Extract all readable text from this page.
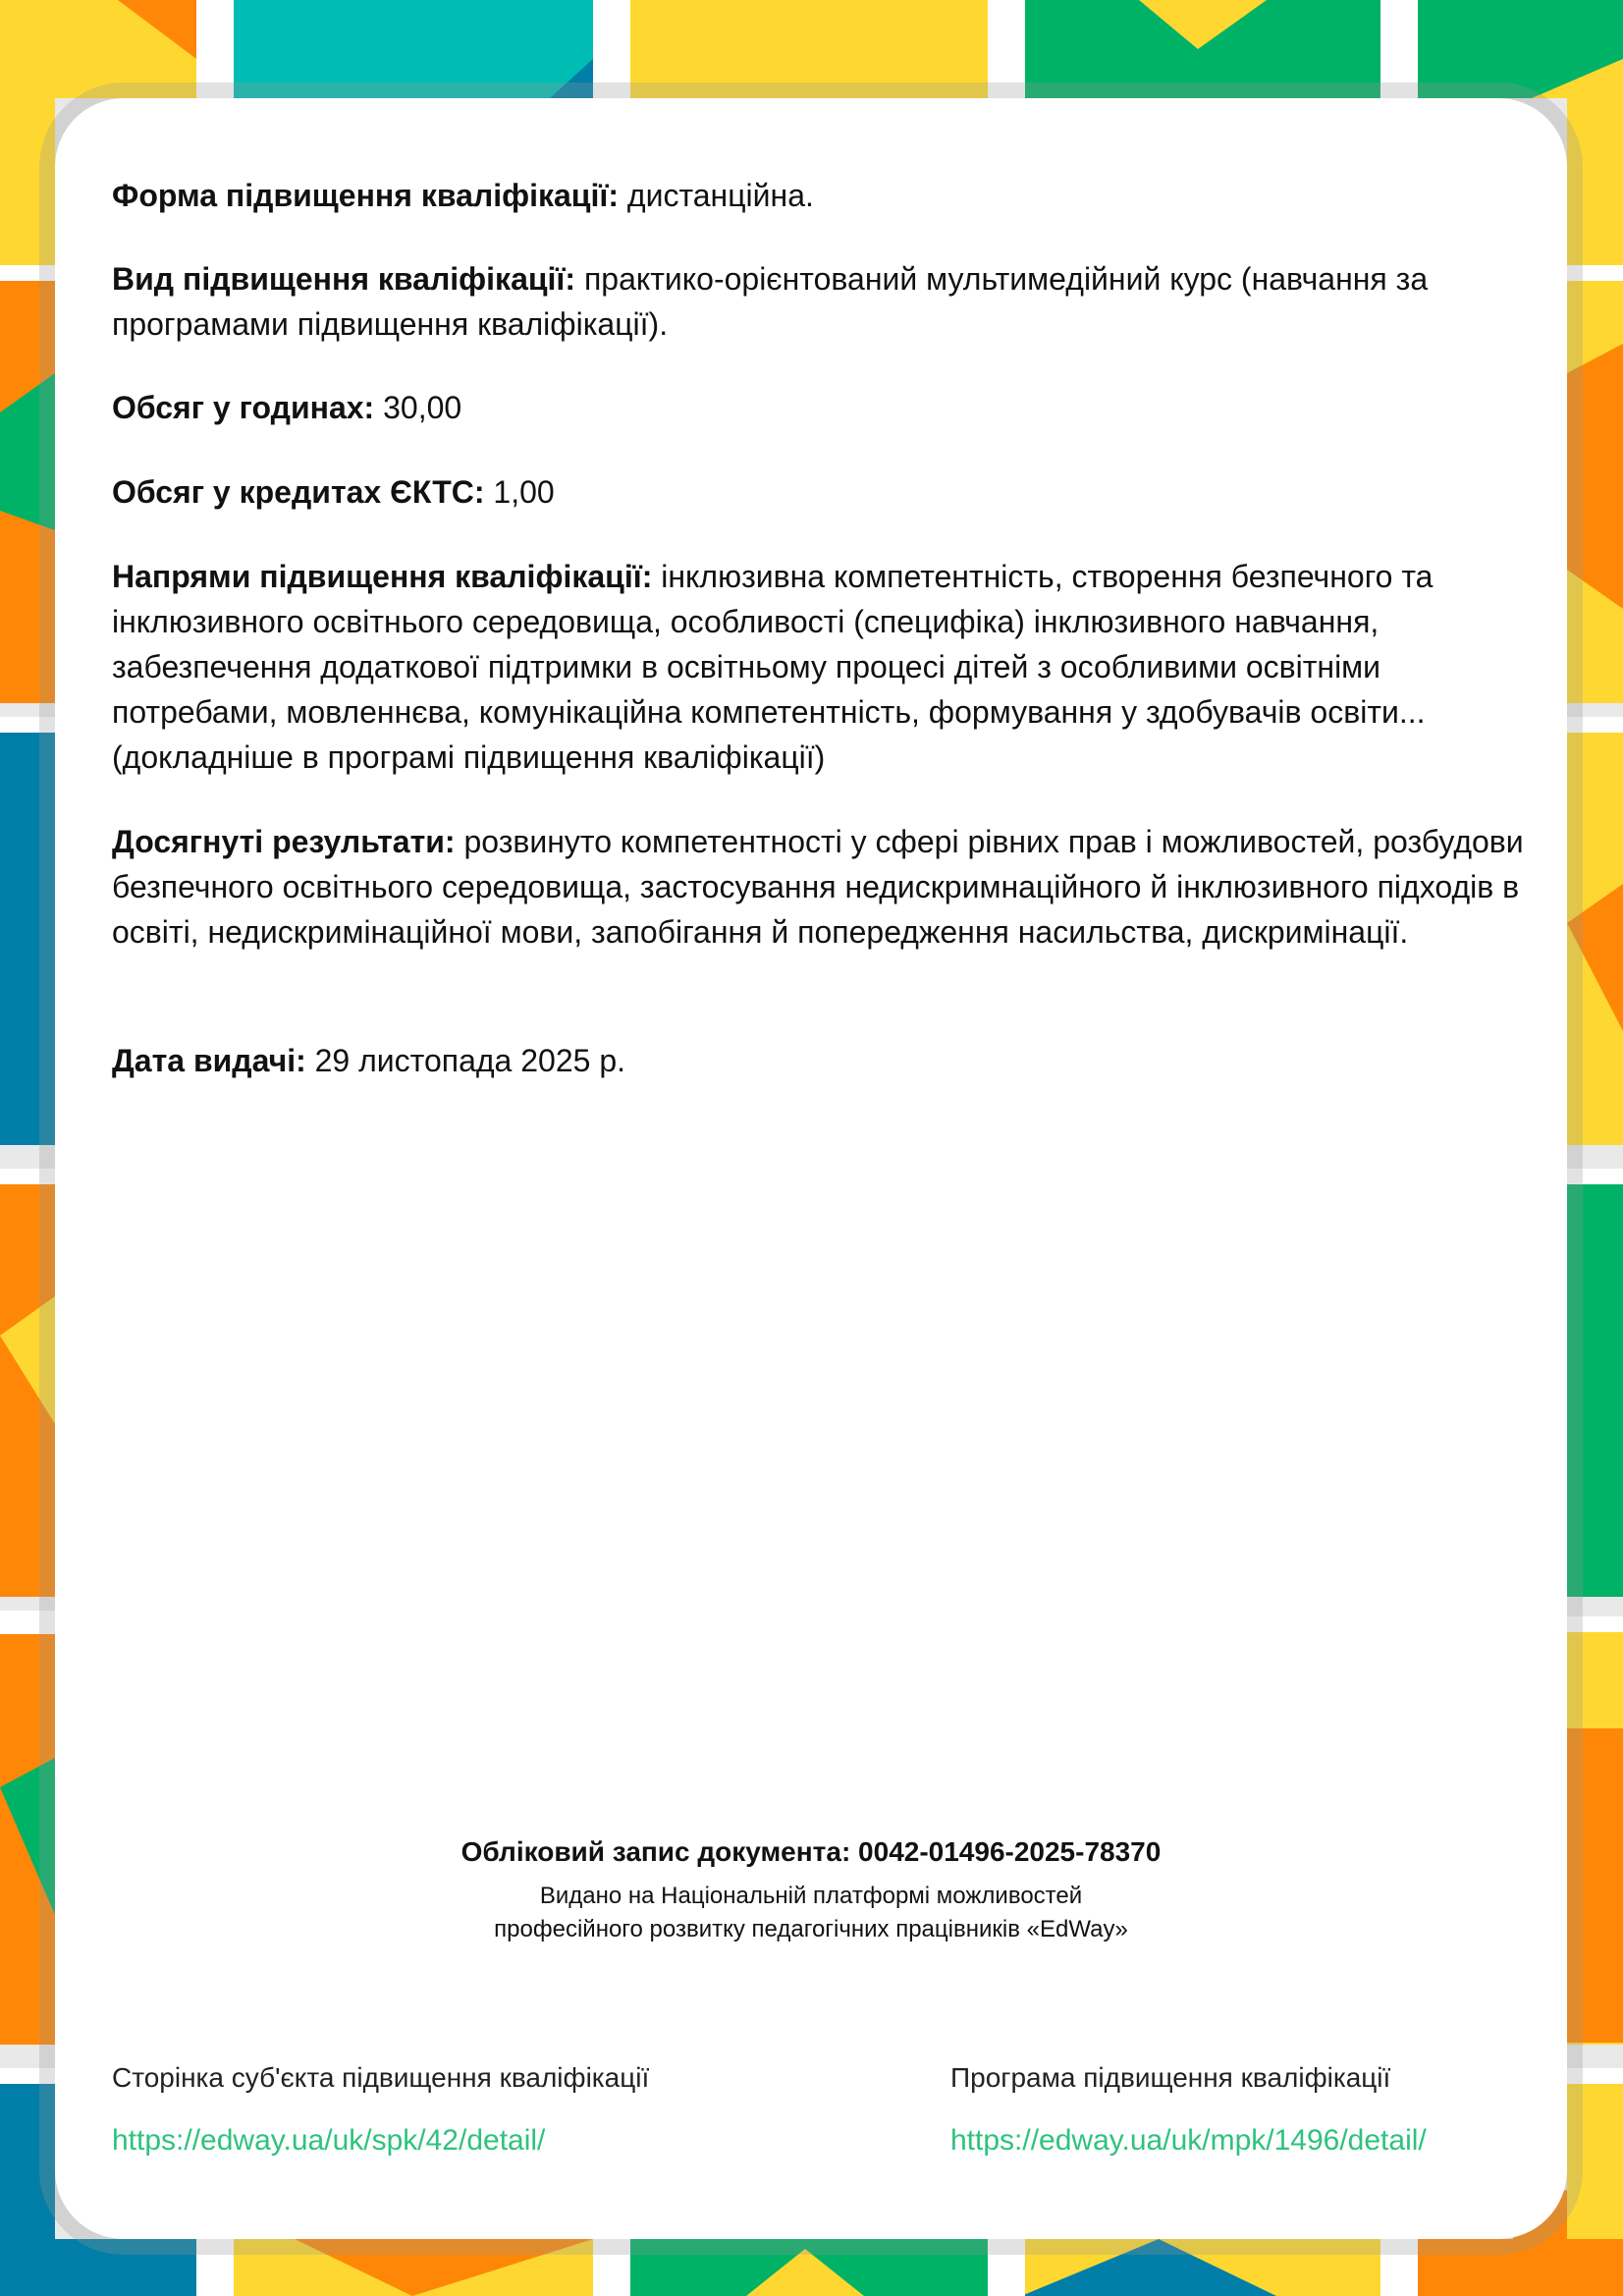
Форма підвищення кваліфікації: дистанційна.
Вид підвищення кваліфікації: практико-орієнтований мультимедійний курс (навчання за програмами підвищення кваліфікації).
Обсяг у годинах: 30,00
Обсяг у кредитах ЄКТС: 1,00
Напрями підвищення кваліфікації: інклюзивна компетентність, створення безпечного та інклюзивного освітнього середовища, особливості (специфіка) інклюзивного навчання, забезпечення додаткової підтримки в освітньому процесі дітей з особливими освітніми потребами, мовленнєва, комунікаційна компетентність, формування у здобувачів освіти... (докладніше в програмі підвищення кваліфікації)
Досягнуті результати: розвинуто компетентності у сфері рівних прав і можливостей, розбудови безпечного освітнього середовища, застосування недискримнаційного й інклюзивного підходів в освіті, недискримінаційної мови, запобігання й попередження насильства, дискримінації.
Дата видачі: 29 листопада 2025 р.
Обліковий запис документа: 0042-01496-2025-78370
Видано на Національній платформі можливостей
професійного розвитку педагогічних працівників «EdWay»
Сторінка суб'єкта підвищення кваліфікації
https://edway.ua/uk/spk/42/detail/
Програма підвищення кваліфікації
https://edway.ua/uk/mpk/1496/detail/
